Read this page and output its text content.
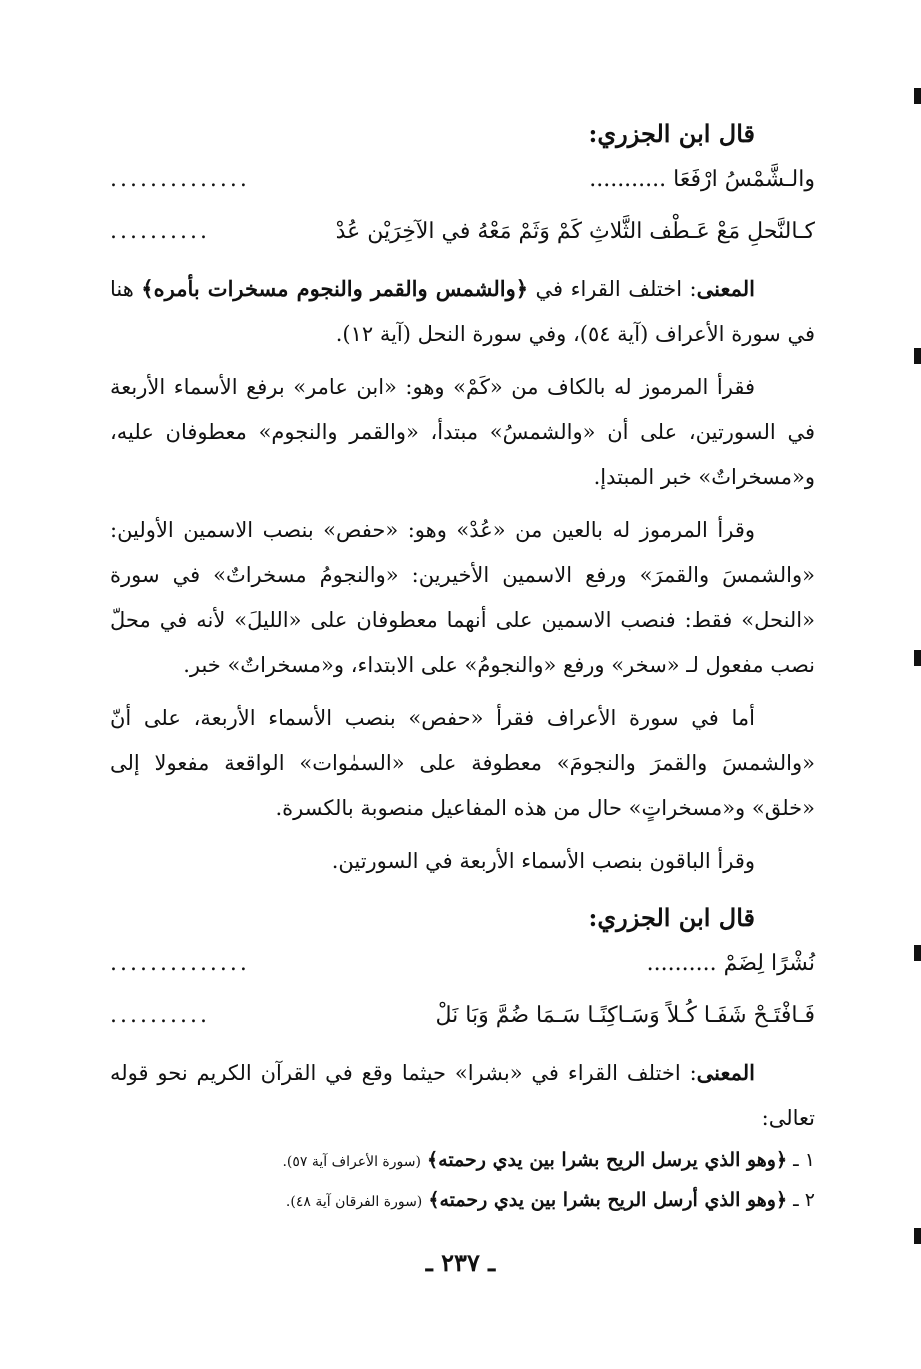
قال ابن الجزري:
والـشَّمْسُ ارْفَعَا ...........
..............
كـالنَّحلِ مَعْ عَـطْف الثَّلاثِ كَمْ وَثَمْ مَعْهُ في الآخِرَيْن عُدْ
..........
المعنى: اختلف القراء في ﴿والشمس والقمر والنجوم مسخرات بأمره﴾ هنا في سورة الأعراف (آية ٥٤)، وفي سورة النحل (آية ١٢).
فقرأ المرموز له بالكاف من «كَمْ» وهو: «ابن عامر» برفع الأسماء الأربعة في السورتين، على أن «والشمسُ» مبتدأ، «والقمر والنجوم» معطوفان عليه، و«مسخراتٌ» خبر المبتدإ.
وقرأ المرموز له بالعين من «عُدْ» وهو: «حفص» بنصب الاسمين الأولين: «والشمسَ والقمرَ» ورفع الاسمين الأخيرين: «والنجومُ مسخراتٌ» في سورة «النحل» فقط: فنصب الاسمين على أنهما معطوفان على «الليلَ» لأنه في محلّ نصب مفعول لـ «سخر» ورفع «والنجومُ» على الابتداء، و«مسخراتٌ» خبر.
أما في سورة الأعراف فقرأ «حفص» بنصب الأسماء الأربعة، على أنّ «والشمسَ والقمرَ والنجومَ» معطوفة على «السمٰوات» الواقعة مفعولا إلى «خلق» و«مسخراتٍ» حال من هذه المفاعيل منصوبة بالكسرة.
وقرأ الباقون بنصب الأسماء الأربعة في السورتين.
قال ابن الجزري:
نُشْرًا لِضَمْ ..........
..............
فَـافْتَـحْ شَفَـا كُـلاً وَسَـاكِنًـا سَـمَا ضُمَّ وَبَا نَلْ
..........
المعنى: اختلف القراء في «بشرا» حيثما وقع في القرآن الكريم نحو قوله تعالى:
١ ـ ﴿وهو الذي يرسل الريح بشرا بين يدي رحمته﴾ (سورة الأعراف آية ٥٧).
٢ ـ ﴿وهو الذي أرسل الريح بشرا بين يدي رحمته﴾ (سورة الفرقان آية ٤٨).
ـ ٢٣٧ ـ
